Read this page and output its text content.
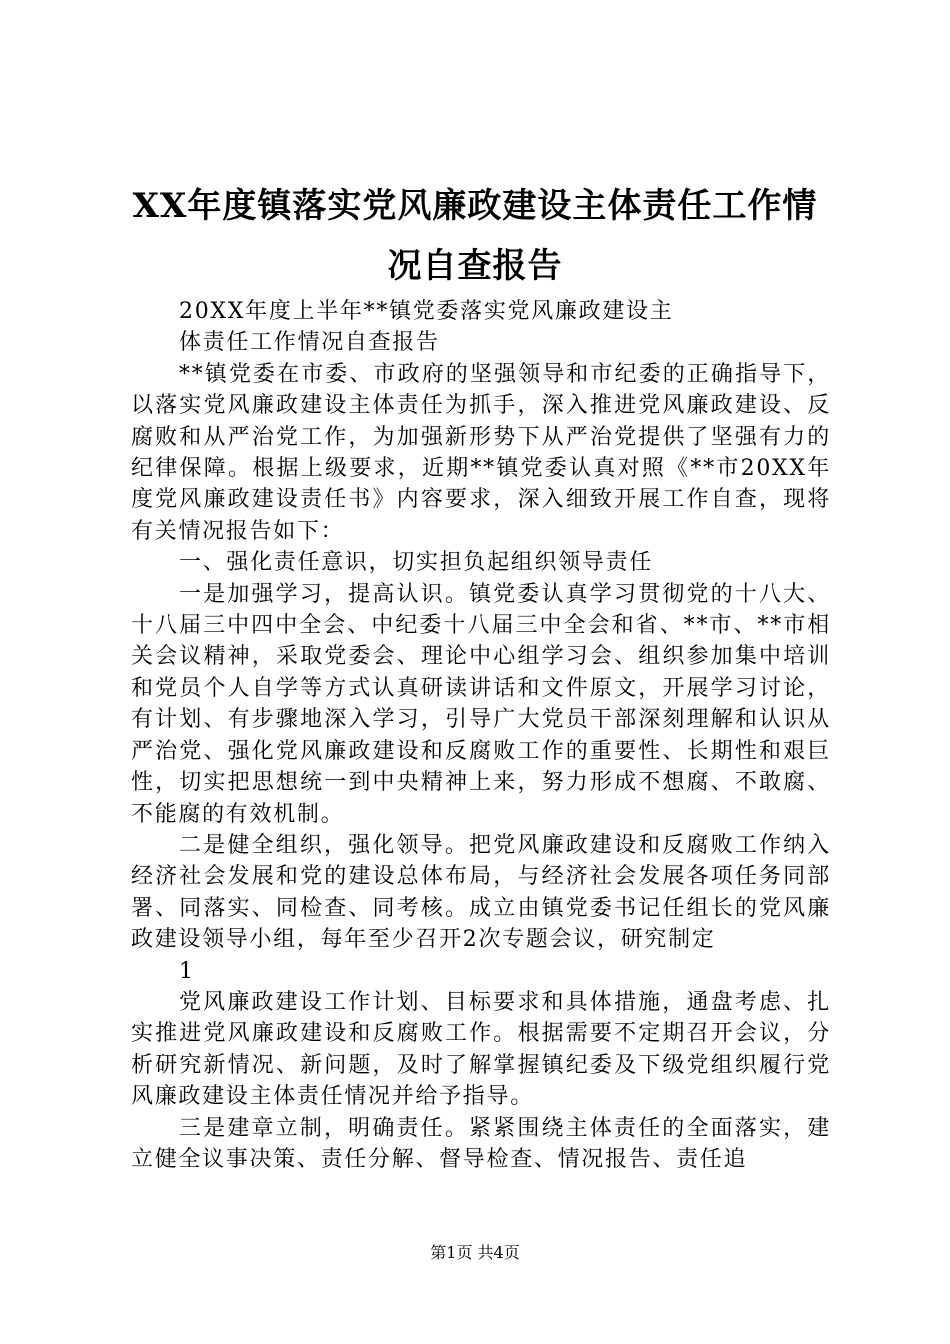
XX年度镇落实党风廉政建设主体责任工作情
况自查报告

20XX年度上半年**镇党委落实党风廉政建设主

体责任工作情况自查报告

**镇党委在市委、市政府的坚强领导和市纪委的正确指导下，以落实党风廉政建设主体责任为抓手，深入推进党风廉政建设、反腐败和从严治党工作，为加强新形势下从严治党提供了坚强有力的纪律保障。根据上级要求，近期**镇党委认真对照《**市20XX年度党风廉政建设责任书》内容要求，深入细致开展工作自查，现将有关情况报告如下：

一、强化责任意识，切实担负起组织领导责任

一是加强学习，提高认识。镇党委认真学习贯彻党的十八大、十八届三中四中全会、中纪委十八届三中全会和省、**市、**市相关会议精神，采取党委会、理论中心组学习会、组织参加集中培训和党员个人自学等方式认真研读讲话和文件原文，开展学习讨论，有计划、有步骤地深入学习，引导广大党员干部深刻理解和认识从严治党、强化党风廉政建设和反腐败工作的重要性、长期性和艰巨性，切实把思想统一到中央精神上来，努力形成不想腐、不敢腐、不能腐的有效机制。

二是健全组织，强化领导。把党风廉政建设和反腐败工作纳入经济社会发展和党的建设总体布局，与经济社会发展各项任务同部署、同落实、同检查、同考核。成立由镇党委书记任组长的党风廉政建设领导小组，每年至少召开2次专题会议，研究制定

1

党风廉政建设工作计划、目标要求和具体措施，通盘考虑、扎实推进党风廉政建设和反腐败工作。根据需要不定期召开会议，分析研究新情况、新问题，及时了解掌握镇纪委及下级党组织履行党风廉政建设主体责任情况并给予指导。

三是建章立制，明确责任。紧紧围绕主体责任的全面落实，建立健全议事决策、责任分解、督导检查、情况报告、责任追

第1页 共4页
